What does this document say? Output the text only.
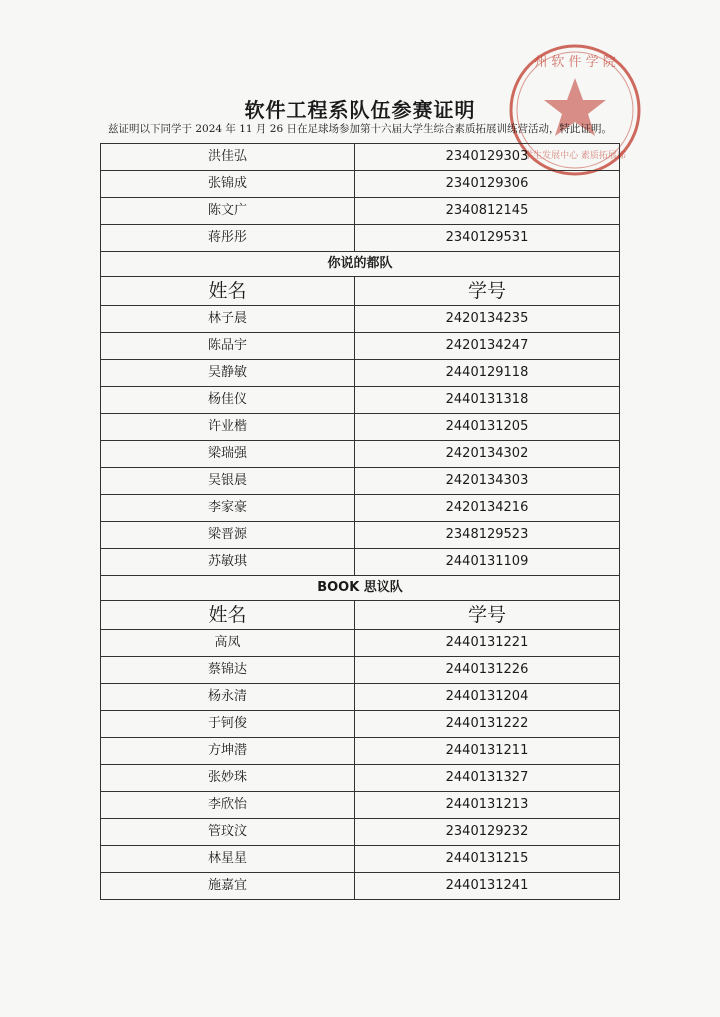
州 软 件 学 院
学生发展中心 素质拓展部
软件工程系队伍参赛证明
兹证明以下同学于 2024 年 11 月 26 日在足球场参加第十六届大学生综合素质拓展训练营活动，特此证明。
洪佳弘	2340129303
张锦成	2340129306
陈文广	2340812145
蒋彤彤	2340129531
你说的都队	
姓名	学号
林子晨	2420134235
陈品宇	2420134247
吴静敏	2440129118
杨佳仪	2440131318
许业楷	2440131205
梁瑞强	2420134302
吴银晨	2420134303
李家豪	2420134216
梁晋源	2348129523
苏敏琪	2440131109
BOOK 思议队	
姓名	学号
高凤	2440131221
蔡锦达	2440131226
杨永清	2440131204
于钶俊	2440131222
方坤潜	2440131211
张妙珠	2440131327
李欣怡	2440131213
管玟汶	2340129232
林星星	2440131215
施嘉宜	2440131241
